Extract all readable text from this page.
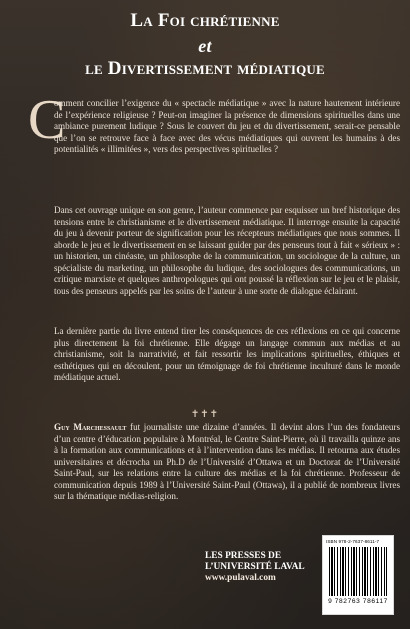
La Foi chrétienne
et
le Divertissement médiatique
C
omment concilier l’exigence du « spectacle médiatique » avec la nature hautement intérieure de l’expérience religieuse ? Peut-on imaginer la présence de dimensions spirituelles dans une ambiance purement ludique ? Sous le couvert du jeu et du divertissement, serait-ce pensable que l’on se retrouve face à face avec des vécus médiatiques qui ouvrent les humains à des potentialités « illimitées », vers des perspectives spirituelles ?
Dans cet ouvrage unique en son genre, l’auteur commence par esquisser un bref historique des tensions entre le christianisme et le divertissement médiatique. Il interroge ensuite la capacité du jeu à devenir porteur de signification pour les récepteurs médiatiques que nous sommes. Il aborde le jeu et le divertissement en se laissant guider par des penseurs tout à fait « sérieux » : un historien, un cinéaste, un philosophe de la communication, un sociologue de la culture, un spécialiste du marketing, un philosophe du ludique, des sociologues des communications, un critique marxiste et quelques anthropologues qui ont poussé la réflexion sur le jeu et le plaisir, tous des penseurs appelés par les soins de l’auteur à une sorte de dialogue éclairant.
La dernière partie du livre entend tirer les conséquences de ces réflexions en ce qui concerne plus directement la foi chrétienne. Elle dégage un langage commun aux médias et au christianisme, soit la narrativité, et fait ressortir les implications spirituelles, éthiques et esthétiques qui en découlent, pour un témoignage de foi chrétienne inculturé dans le monde médiatique actuel.
✝✝✝
Guy Marchessault fut journaliste une dizaine d’années. Il devint alors l’un des fondateurs d’un centre d’éducation populaire à Montréal, le Centre Saint-Pierre, où il travailla quinze ans à la formation aux communications et à l’intervention dans les médias. Il retourna aux études universitaires et décrocha un Ph.D de l’Université d’Ottawa et un Doctorat de l’Université Saint-Paul, sur les relations entre la culture des médias et la foi chrétienne. Professeur de communication depuis 1989 à l’Université Saint-Paul (Ottawa), il a publié de nombreux livres sur la thématique médias-religion.
LES PRESSES DE
L’UNIVERSITÉ LAVAL
www.pulaval.com
ISBN 978-2-7637-8611-7
9 782763 786117
